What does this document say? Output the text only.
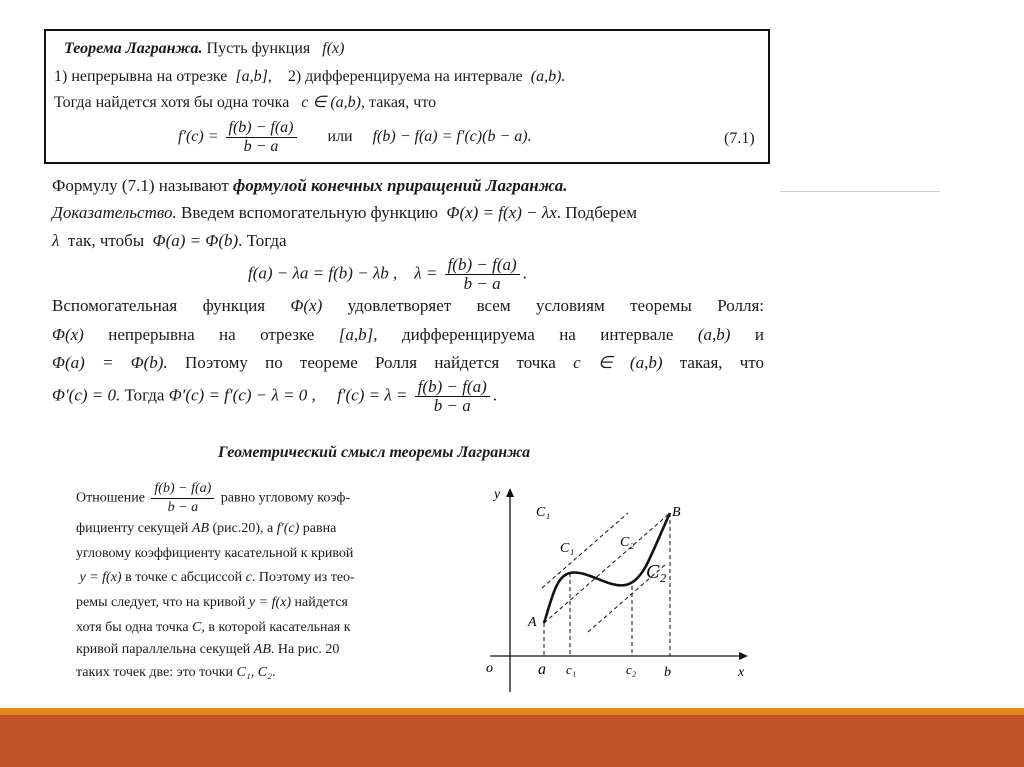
Теорема Лагранжа. Пусть функция f(x)
1) непрерывна на отрезке [a,b], 2) дифференцируема на интервале (a,b).
Тогда найдется хотя бы одна точка c ∈ (a,b), такая, что
$f'(c) = \frac{f(b) - f(a)}{b - a}$ или f(b) − f(a) = f′(c)(b − a).	(7.1)
Формулу (7.1) называют формулой конечных приращений Лагранжа.
Доказательство. Введем вспомогательную функцию Φ(x) = f(x) − λx. Подберем
λ так, чтобы Φ(a) = Φ(b). Тогда
f(a) − λa = f(b) − λb , $\lambda = \frac{f(b) - f(a)}{b - a}$ .
Вспомогательная функция Φ(x) удовлетворяет всем условиям теоремы Ролля:
Φ(x) непрерывна на отрезке [a,b], дифференцируема на интервале (a,b) и
Φ(a) = Φ(b). Поэтому по теореме Ролля найдется точка c ∈ (a,b) такая, что
Φ′(c) = 0. Тогда Φ′(c) = f′(c) − λ = 0 , $f'(c) = \lambda = \frac{f(b) - f(a)}{b - a}$ .
Геометрический смысл теоремы Лагранжа
Отношение $\frac{f(b) - f(a)}{b - a}$ равно угловому коэф-
фициенту секущей AB (рис.20), а f′(c) равна
угловому коэффициенту касательной к кривой
y = f(x) в точке с абсциссой c. Поэтому из тео-
ремы следует, что на кривой y = f(x) найдется
хотя бы одна точка C, в которой касательная к
кривой параллельна секущей AB. На рис. 20
таких точек две: это точки C₁, C₂.
y
x
o	a c₁	c₂ b
A
B
C₁
C₁	C₂
C₂
